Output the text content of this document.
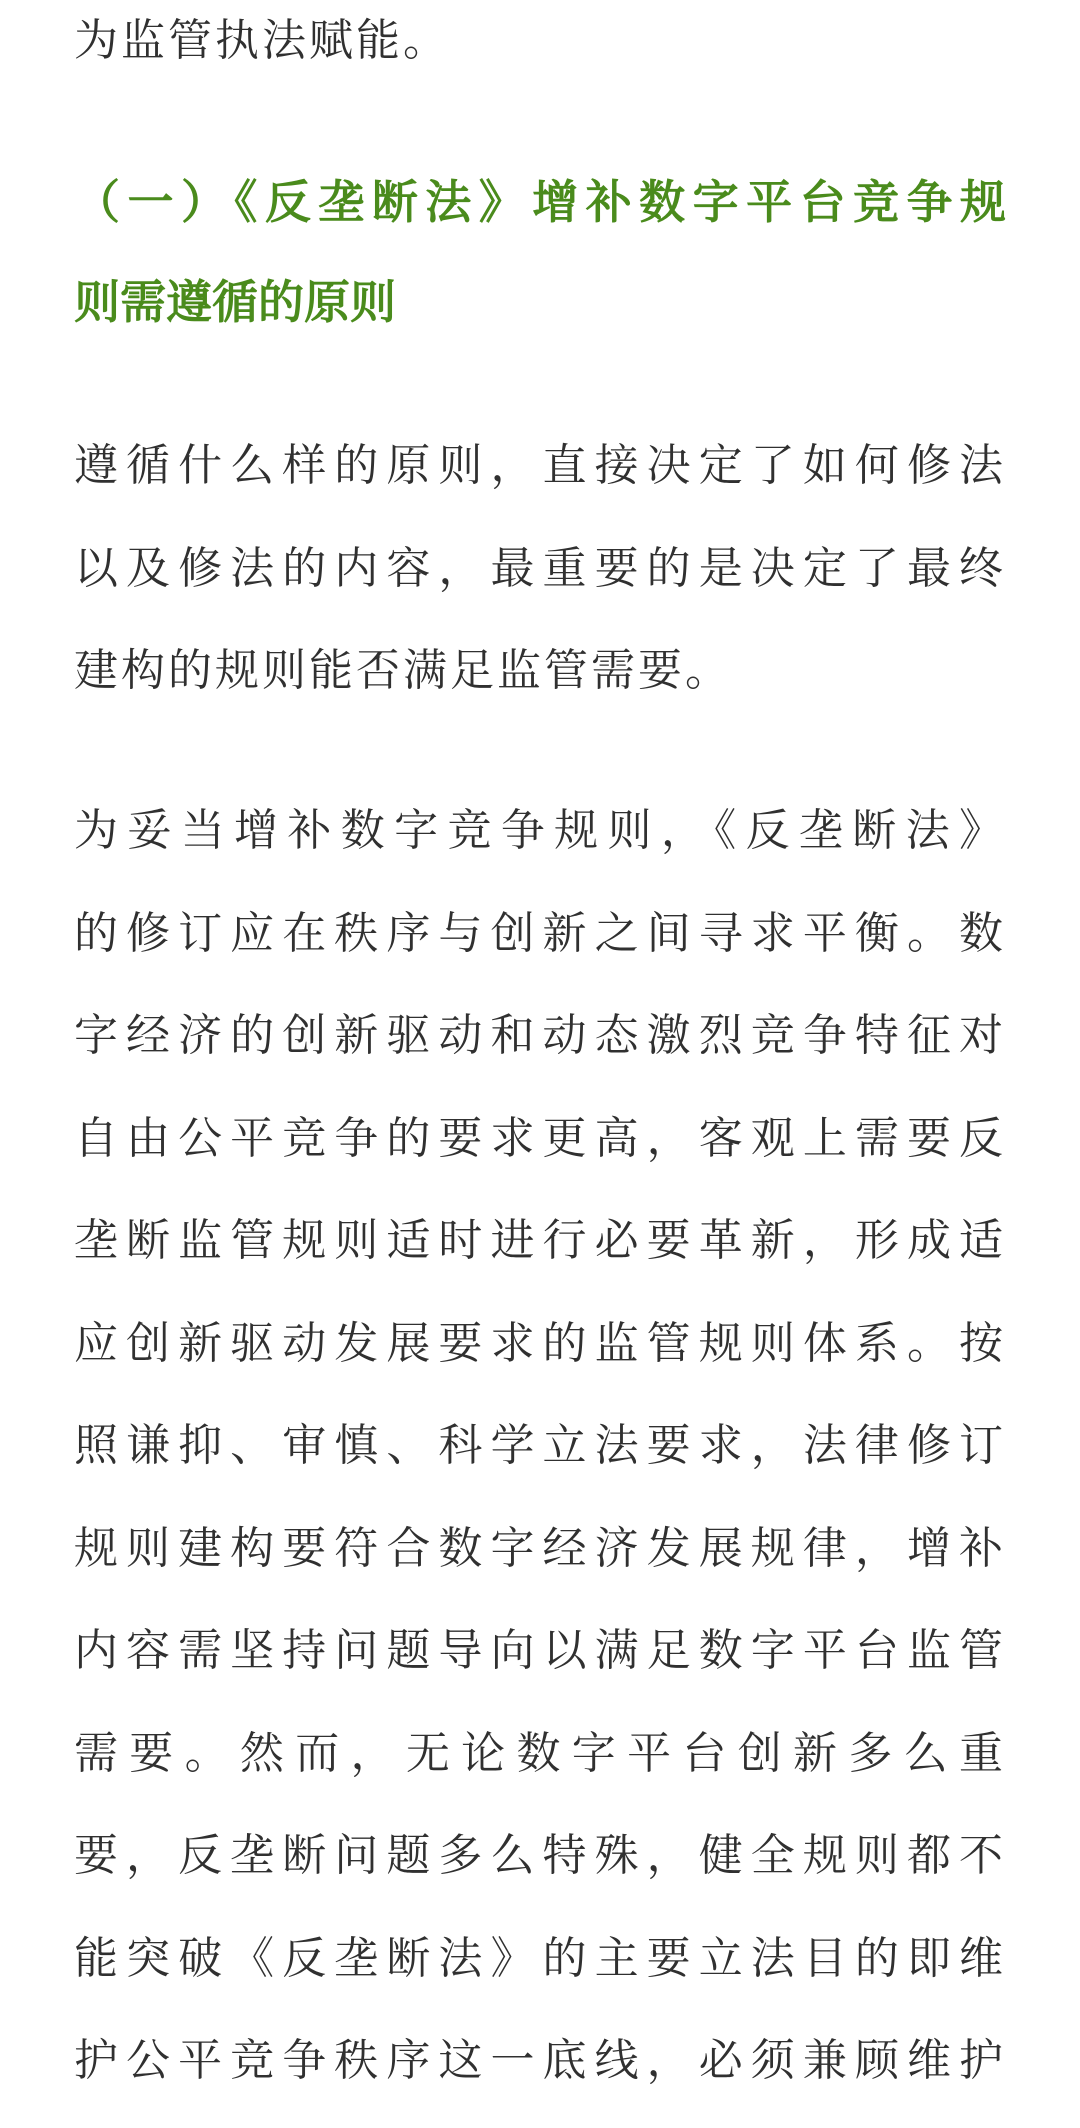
为监管执法赋能。

（一）《反垄断法》增补数字平台竞争规
则需遵循的原则

遵循什么样的原则，直接决定了如何修法
以及修法的内容，最重要的是决定了最终
建构的规则能否满足监管需要。

为妥当增补数字竞争规则，《反垄断法》
的修订应在秩序与创新之间寻求平衡。数
字经济的创新驱动和动态激烈竞争特征对
自由公平竞争的要求更高，客观上需要反
垄断监管规则适时进行必要革新，形成适
应创新驱动发展要求的监管规则体系。按
照谦抑、审慎、科学立法要求，法律修订
规则建构要符合数字经济发展规律，增补
内容需坚持问题导向以满足数字平台监管
需要。然而，无论数字平台创新多么重
要，反垄断问题多么特殊，健全规则都不
能突破《反垄断法》的主要立法目的即维
护公平竞争秩序这一底线，必须兼顾维护
